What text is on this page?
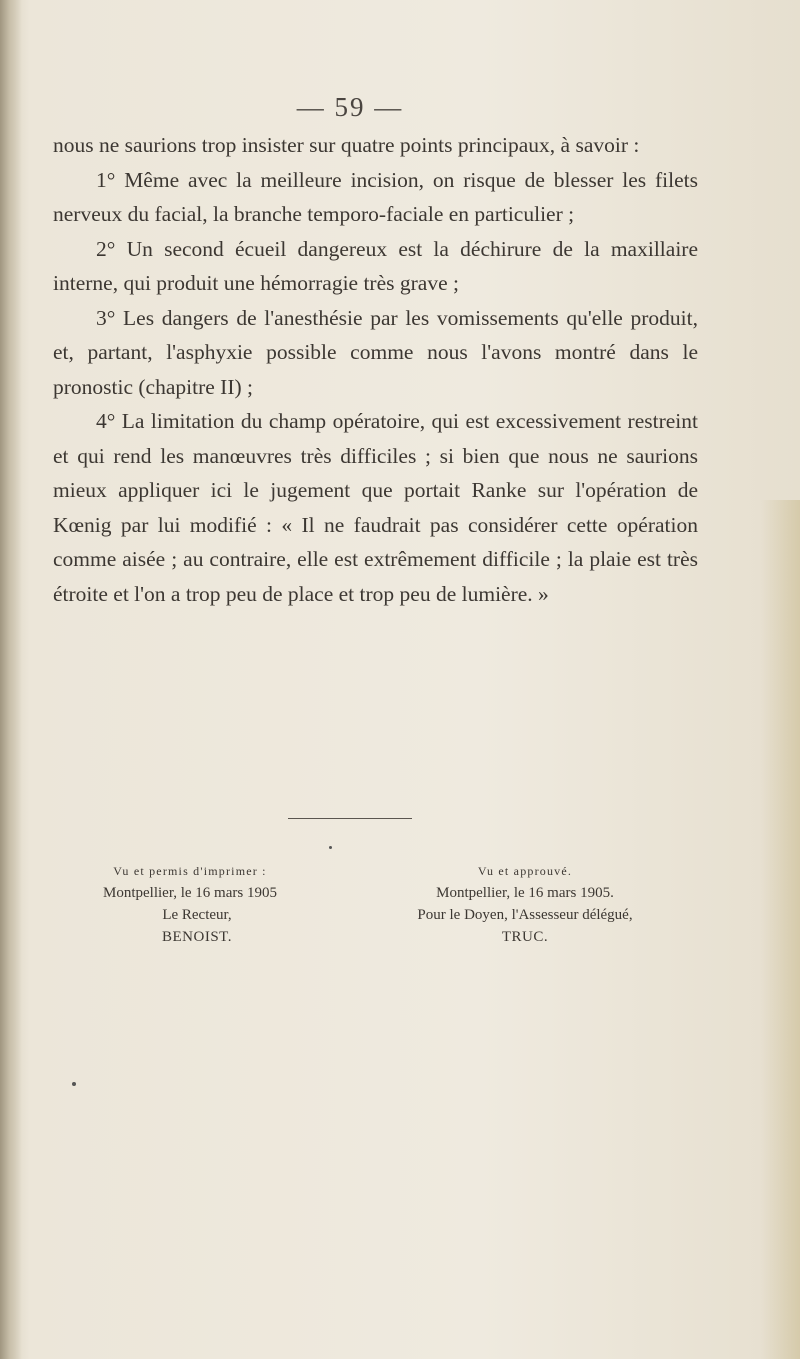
— 59 —

nous ne saurions trop insister sur quatre points principaux, à savoir :

1° Même avec la meilleure incision, on risque de blesser les filets nerveux du facial, la branche temporo-faciale en particulier ;

2° Un second écueil dangereux est la déchirure de la maxillaire interne, qui produit une hémorragie très grave ;

3° Les dangers de l'anesthésie par les vomissements qu'elle produit, et, partant, l'asphyxie possible comme nous l'avons montré dans le pronostic (chapitre II) ;

4° La limitation du champ opératoire, qui est excessivement restreint et qui rend les manœuvres très difficiles ; si bien que nous ne saurions mieux appliquer ici le jugement que portait Ranke sur l'opération de Kœnig par lui modifié : « Il ne faudrait pas considérer cette opération comme aisée ; au contraire, elle est extrêmement difficile ; la plaie est très étroite et l'on a trop peu de place et trop peu de lumière. »

Vu et permis d'imprimer :
Montpellier, le 16 mars 1905
Le Recteur,
BENOIST.
Vu et approuvé.
Montpellier, le 16 mars 1905.
Pour le Doyen, l'Assesseur délégué,
TRUC.
